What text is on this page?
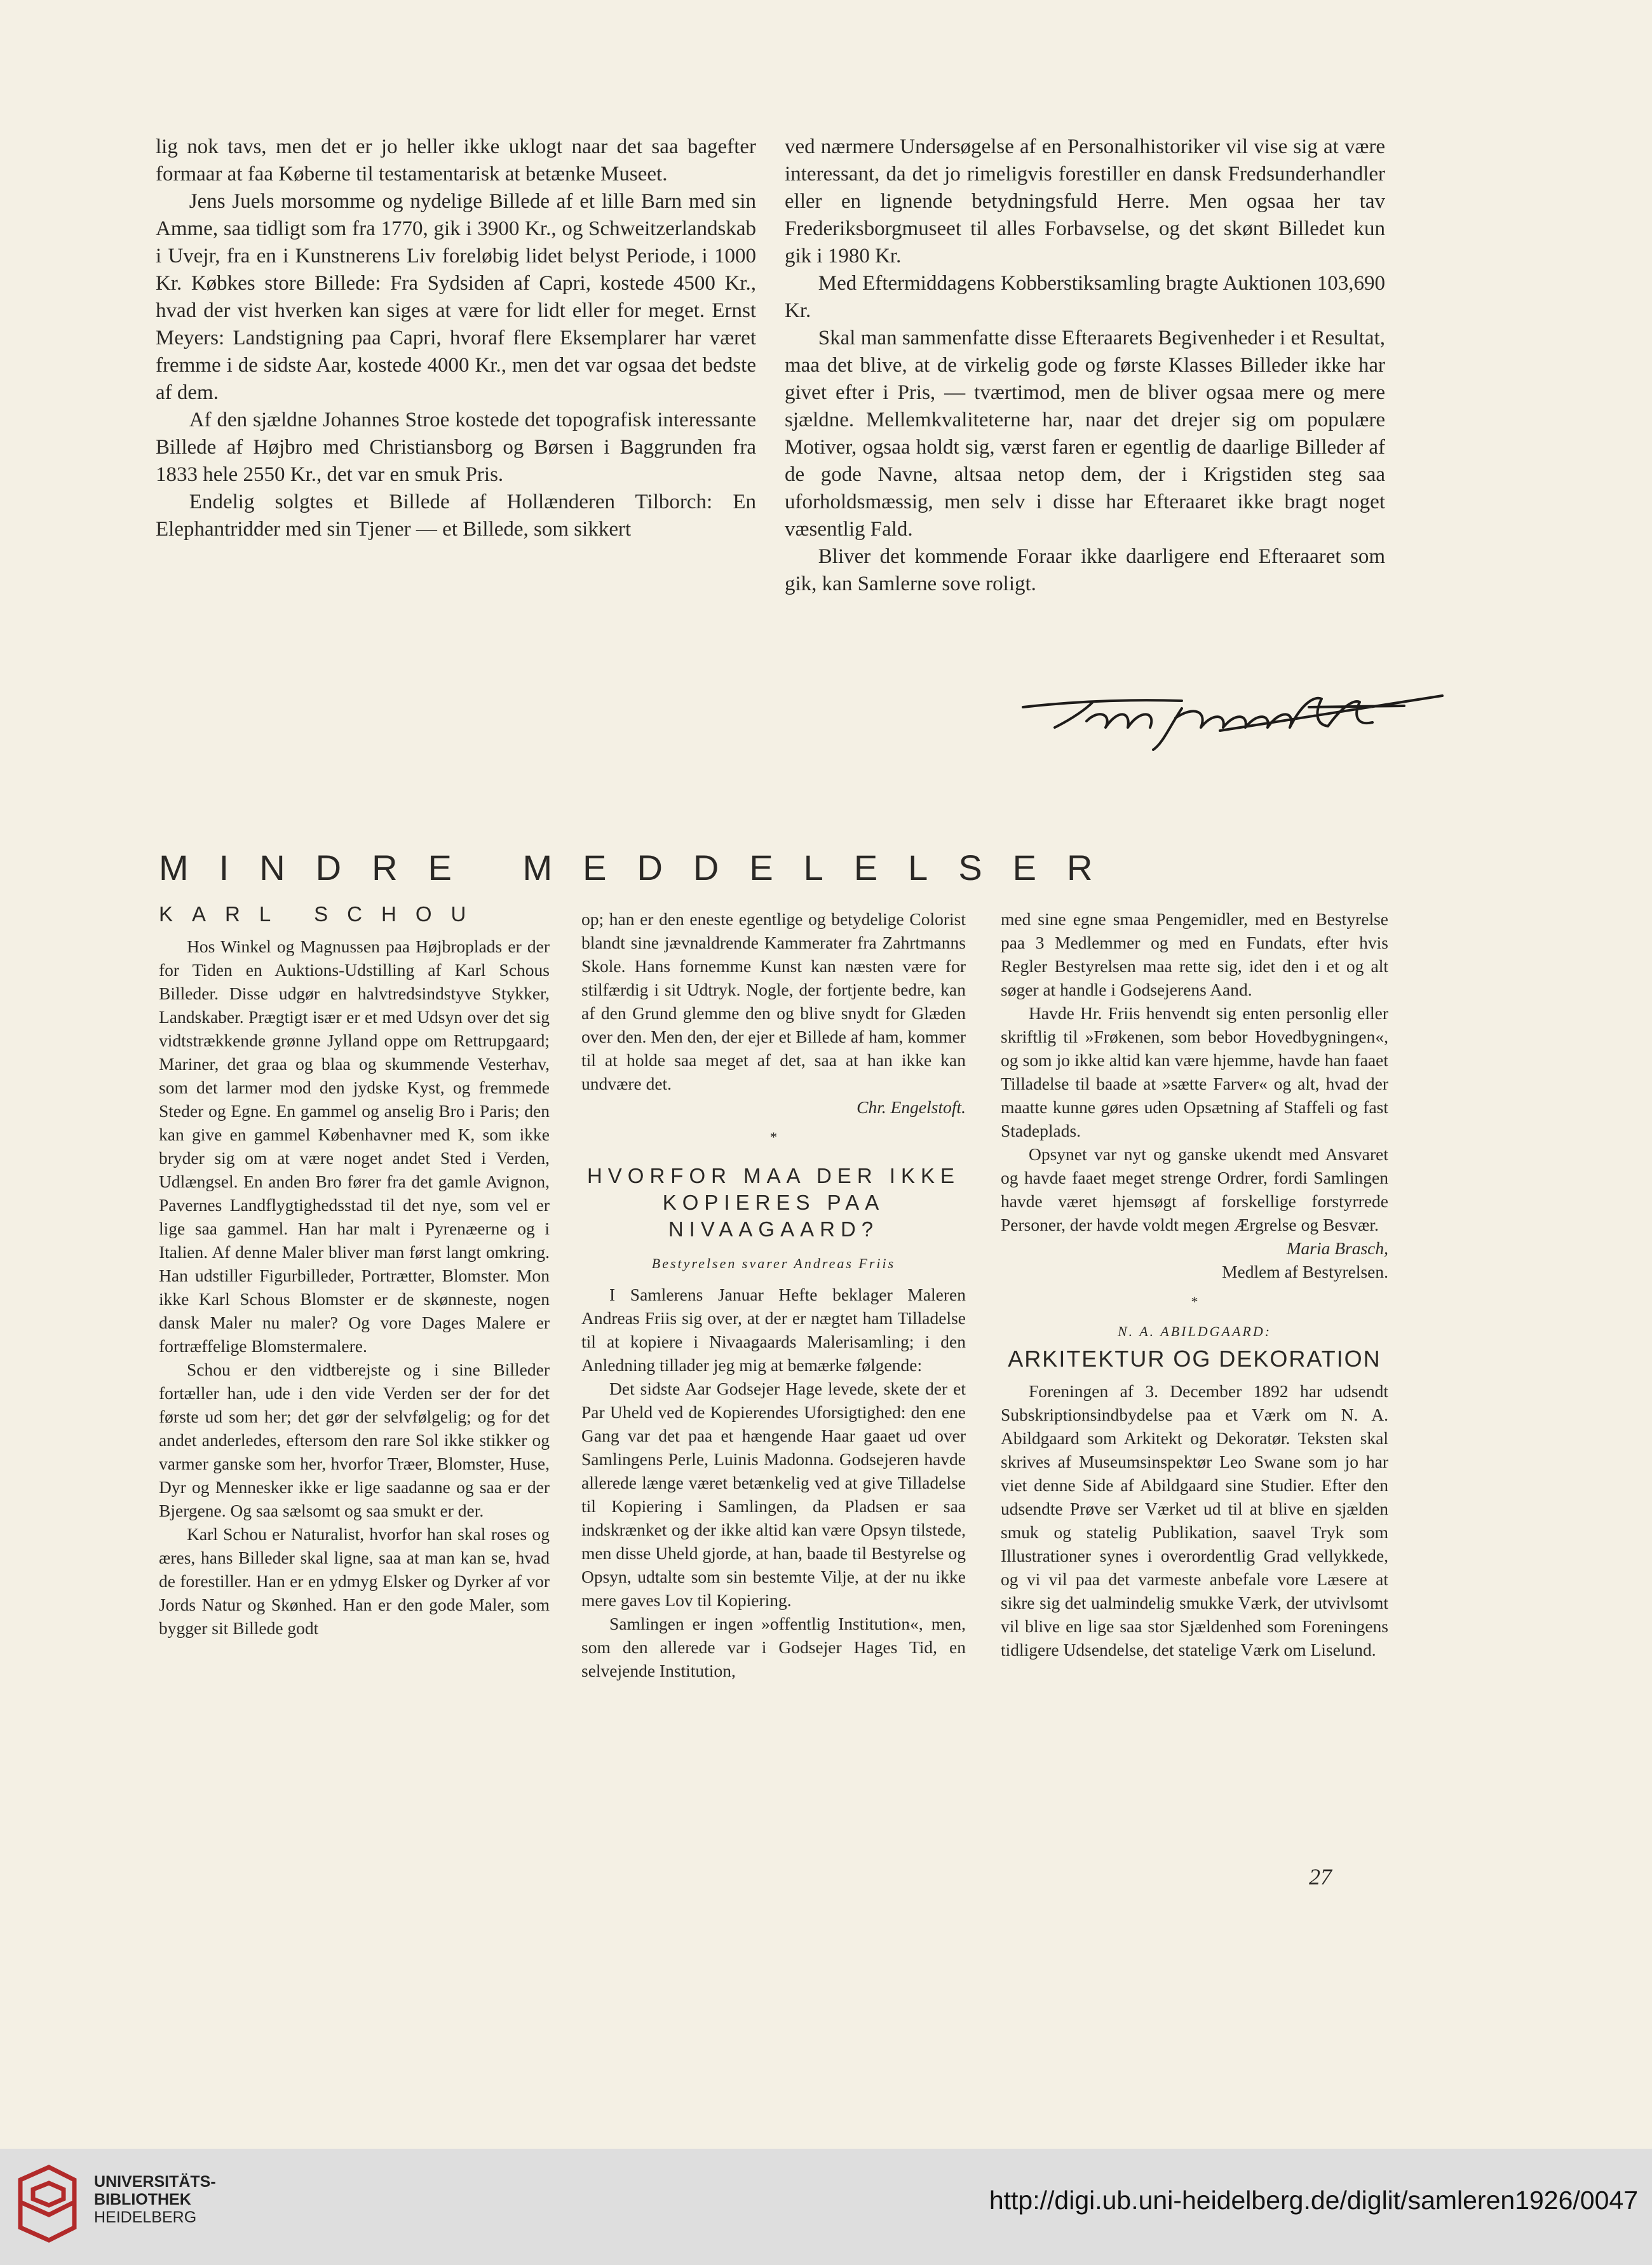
lig nok tavs, men det er jo heller ikke uklogt naar det saa bagefter formaar at faa Køberne til testamentarisk at betænke Museet.

Jens Juels morsomme og nydelige Billede af et lille Barn med sin Amme, saa tidligt som fra 1770, gik i 3900 Kr., og Schweitzerlandskab i Uvejr, fra en i Kunstnerens Liv foreløbig lidet belyst Periode, i 1000 Kr. Købkes store Billede: Fra Sydsiden af Capri, kostede 4500 Kr., hvad der vist hverken kan siges at være for lidt eller for meget. Ernst Meyers: Landstigning paa Capri, hvoraf flere Eksemplarer har været fremme i de sidste Aar, kostede 4000 Kr., men det var ogsaa det bedste af dem.

Af den sjældne Johannes Stroe kostede det topografisk interessante Billede af Højbro med Christiansborg og Børsen i Baggrunden fra 1833 hele 2550 Kr., det var en smuk Pris.

Endelig solgtes et Billede af Hollænderen Tilborch: En Elephantridder med sin Tjener — et Billede, som sikkert

ved nærmere Undersøgelse af en Personalhistoriker vil vise sig at være interessant, da det jo rimeligvis forestiller en dansk Fredsunderhandler eller en lignende betydningsfuld Herre. Men ogsaa her tav Frederiksborgmuseet til alles Forbavselse, og det skønt Billedet kun gik i 1980 Kr.

Med Eftermiddagens Kobberstiksamling bragte Auktionen 103,690 Kr.

Skal man sammenfatte disse Efteraarets Begivenheder i et Resultat, maa det blive, at de virkelig gode og første Klasses Billeder ikke har givet efter i Pris, — tværtimod, men de bliver ogsaa mere og mere sjældne. Mellemkvaliteterne har, naar det drejer sig om populære Motiver, ogsaa holdt sig, værst faren er egentlig de daarlige Billeder af de gode Navne, altsaa netop dem, der i Krigstiden steg saa uforholdsmæssig, men selv i disse har Efteraaret ikke bragt noget væsentlig Fald.

Bliver det kommende Foraar ikke daarligere end Efteraaret som gik, kan Samlerne sove roligt.

MINDRE MEDDELELSER
KARL SCHOU

Hos Winkel og Magnussen paa Højbroplads er der for Tiden en Auktions-Udstilling af Karl Schous Billeder. Disse udgør en halvtredsindstyve Stykker, Landskaber. Prægtigt især er et med Udsyn over det sig vidtstrækkende grønne Jylland oppe om Rettrupgaard; Mariner, det graa og blaa og skummende Vesterhav, som det larmer mod den jydske Kyst, og fremmede Steder og Egne. En gammel og anselig Bro i Paris; den kan give en gammel Københavner med K, som ikke bryder sig om at være noget andet Sted i Verden, Udlængsel. En anden Bro fører fra det gamle Avignon, Pavernes Landflygtighedsstad til det nye, som vel er lige saa gammel. Han har malt i Pyrenæerne og i Italien. Af denne Maler bliver man først langt omkring. Han udstiller Figurbilleder, Portrætter, Blomster. Mon ikke Karl Schous Blomster er de skønneste, nogen dansk Maler nu maler? Og vore Dages Malere er fortræffelige Blomstermalere.

Schou er den vidtberejste og i sine Billeder fortæller han, ude i den vide Verden ser der for det første ud som her; det gør der selvfølgelig; og for det andet anderledes, eftersom den rare Sol ikke stikker og varmer ganske som her, hvorfor Træer, Blomster, Huse, Dyr og Mennesker ikke er lige saadanne og saa er der Bjergene. Og saa sælsomt og saa smukt er der.

Karl Schou er Naturalist, hvorfor han skal roses og æres, hans Billeder skal ligne, saa at man kan se, hvad de forestiller. Han er en ydmyg Elsker og Dyrker af vor Jords Natur og Skønhed. Han er den gode Maler, som bygger sit Billede godt

op; han er den eneste egentlige og betydelige Colorist blandt sine jævnaldrende Kammerater fra Zahrtmanns Skole. Hans fornemme Kunst kan næsten være for stilfærdig i sit Udtryk. Nogle, der fortjente bedre, kan af den Grund glemme den og blive snydt for Glæden over den. Men den, der ejer et Billede af ham, kommer til at holde saa meget af det, saa at han ikke kan undvære det.

Chr. Engelstoft.

*
HVORFOR MAA DER IKKE KOPIERES PAA NIVAAGAARD?

Bestyrelsen svarer Andreas Friis

I Samlerens Januar Hefte beklager Maleren Andreas Friis sig over, at der er nægtet ham Tilladelse til at kopiere i Nivaagaards Malerisamling; i den Anledning tillader jeg mig at bemærke følgende:

Det sidste Aar Godsejer Hage levede, skete der et Par Uheld ved de Kopierendes Uforsigtighed: den ene Gang var det paa et hængende Haar gaaet ud over Samlingens Perle, Luinis Madonna. Godsejeren havde allerede længe været betænkelig ved at give Tilladelse til Kopiering i Samlingen, da Pladsen er saa indskrænket og der ikke altid kan være Opsyn tilstede, men disse Uheld gjorde, at han, baade til Bestyrelse og Opsyn, udtalte som sin bestemte Vilje, at der nu ikke mere gaves Lov til Kopiering.

Samlingen er ingen »offentlig Institution«, men, som den allerede var i Godsejer Hages Tid, en selvejende Institution,

med sine egne smaa Pengemidler, med en Bestyrelse paa 3 Medlemmer og med en Fundats, efter hvis Regler Bestyrelsen maa rette sig, idet den i et og alt søger at handle i Godsejerens Aand.

Havde Hr. Friis henvendt sig enten personlig eller skriftlig til »Frøkenen, som bebor Hovedbygningen«, og som jo ikke altid kan være hjemme, havde han faaet Tilladelse til baade at »sætte Farver« og alt, hvad der maatte kunne gøres uden Opsætning af Staffeli og fast Stadeplads.

Opsynet var nyt og ganske ukendt med Ansvaret og havde faaet meget strenge Ordrer, fordi Samlingen havde været hjemsøgt af forskellige forstyrrede Personer, der havde voldt megen Ærgrelse og Besvær.

Maria Brasch,

Medlem af Bestyrelsen.

*

N. A. ABILDGAARD:

ARKITEKTUR OG DEKORATION

Foreningen af 3. December 1892 har udsendt Subskriptionsindbydelse paa et Værk om N. A. Abildgaard som Arkitekt og Dekoratør. Teksten skal skrives af Museumsinspektør Leo Swane som jo har viet denne Side af Abildgaard sine Studier. Efter den udsendte Prøve ser Værket ud til at blive en sjælden smuk og statelig Publikation, saavel Tryk som Illustrationer synes i overordentlig Grad vellykkede, og vi vil paa det varmeste anbefale vore Læsere at sikre sig det ualmindelig smukke Værk, der utvivlsomt vil blive en lige saa stor Sjældenhed som Foreningens tidligere Udsendelse, det statelige Værk om Liselund.

27
UNIVERSITÄTS-
BIBLIOTHEK
HEIDELBERG
http://digi.ub.uni-heidelberg.de/diglit/samleren1926/0047
